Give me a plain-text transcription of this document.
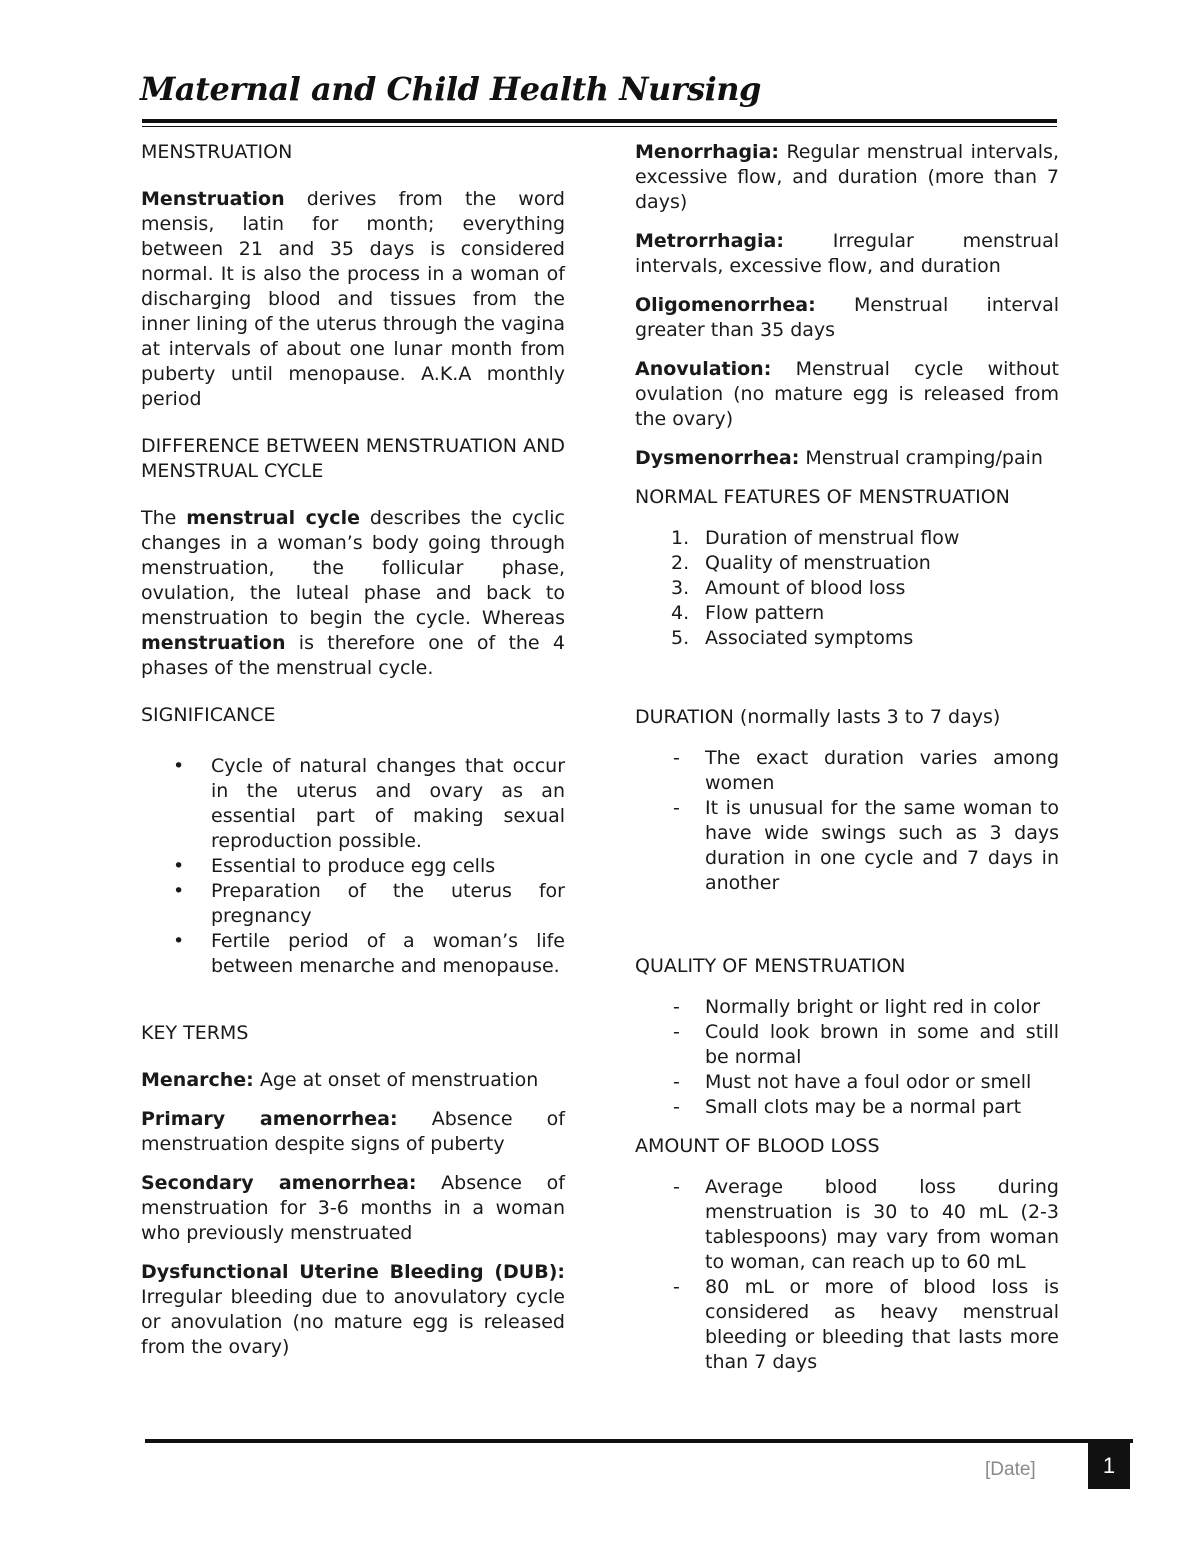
Maternal and Child Health Nursing
MENSTRUATION

Menstruation derives from the word mensis, latin for month; everything between 21 and 35 days is considered normal. It is also the process in a woman of discharging blood and tissues from the inner lining of the uterus through the vagina at intervals of about one lunar month from puberty until menopause. A.K.A monthly period

DIFFERENCE BETWEEN MENSTRUATION AND MENSTRUAL CYCLE

The menstrual cycle describes the cyclic changes in a woman’s body going through menstruation, the follicular phase, ovulation, the luteal phase and back to menstruation to begin the cycle. Whereas menstruation is therefore one of the 4 phases of the menstrual cycle.

SIGNIFICANCE
• Cycle of natural changes that occur in the uterus and ovary as an essential part of making sexual reproduction possible.
• Essential to produce egg cells
• Preparation of the uterus for pregnancy
• Fertile period of a woman’s life between menarche and menopause.
KEY TERMS

Menarche: Age at onset of menstruation

Primary amenorrhea: Absence of menstruation despite signs of puberty

Secondary amenorrhea: Absence of menstruation for 3-6 months in a woman who previously menstruated

Dysfunctional Uterine Bleeding (DUB): Irregular bleeding due to anovulatory cycle or anovulation (no mature egg is released from the ovary)

Menorrhagia: Regular menstrual intervals, excessive flow, and duration (more than 7 days)

Metrorrhagia: Irregular menstrual intervals, excessive flow, and duration

Oligomenorrhea: Menstrual interval greater than 35 days

Anovulation: Menstrual cycle without ovulation (no mature egg is released from the ovary)

Dysmenorrhea: Menstrual cramping/pain

NORMAL FEATURES OF MENSTRUATION
1. Duration of menstrual flow
2. Quality of menstruation
3. Amount of blood loss
4. Flow pattern
5. Associated symptoms
DURATION (normally lasts 3 to 7 days)
- The exact duration varies among women
- It is unusual for the same woman to have wide swings such as 3 days duration in one cycle and 7 days in another
QUALITY OF MENSTRUATION
- Normally bright or light red in color
- Could look brown in some and still be normal
- Must not have a foul odor or smell
- Small clots may be a normal part
AMOUNT OF BLOOD LOSS
- Average blood loss during menstruation is 30 to 40 mL (2-3 tablespoons) may vary from woman to woman, can reach up to 60 mL
- 80 mL or more of blood loss is considered as heavy menstrual bleeding or bleeding that lasts more than 7 days
[Date]	1
